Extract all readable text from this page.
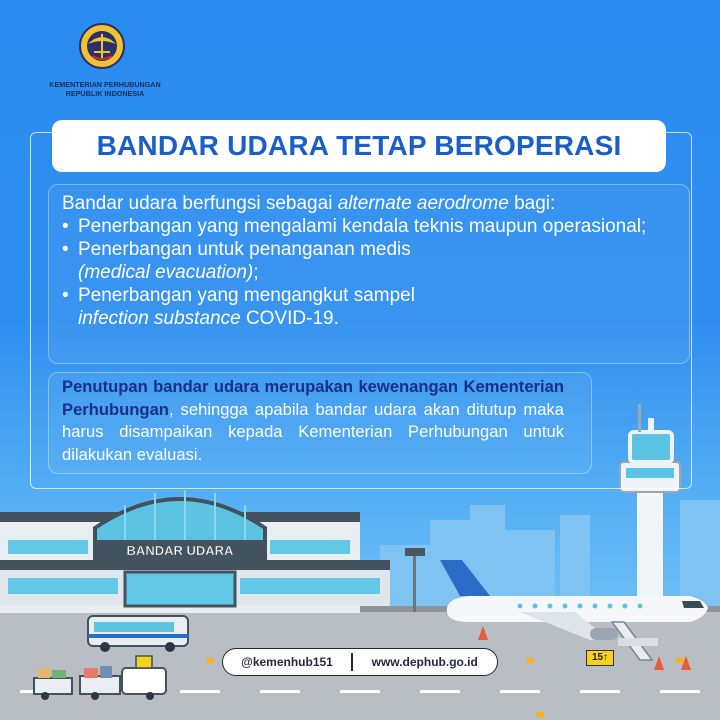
KEMENTERIAN PERHUBUNGAN
REPUBLIK INDONESIA
BANDAR UDARA TETAP BEROPERASI
Bandar udara berfungsi sebagai alternate aerodrome bagi:
• Penerbangan yang mengalami kendala teknis maupun operasional;
• Penerbangan untuk penanganan medis
(medical evacuation);
• Penerbangan yang mengangkut sampel
infection substance COVID-19.
Penutupan bandar udara merupakan kewenangan Kementerian Perhubungan, sehingga apabila bandar udara akan ditutup maka harus disampaikan kepada Kementerian Perhubungan untuk dilakukan evaluasi.
BANDAR UDARA
15↑
@kemenhub151	www.dephub.go.id
